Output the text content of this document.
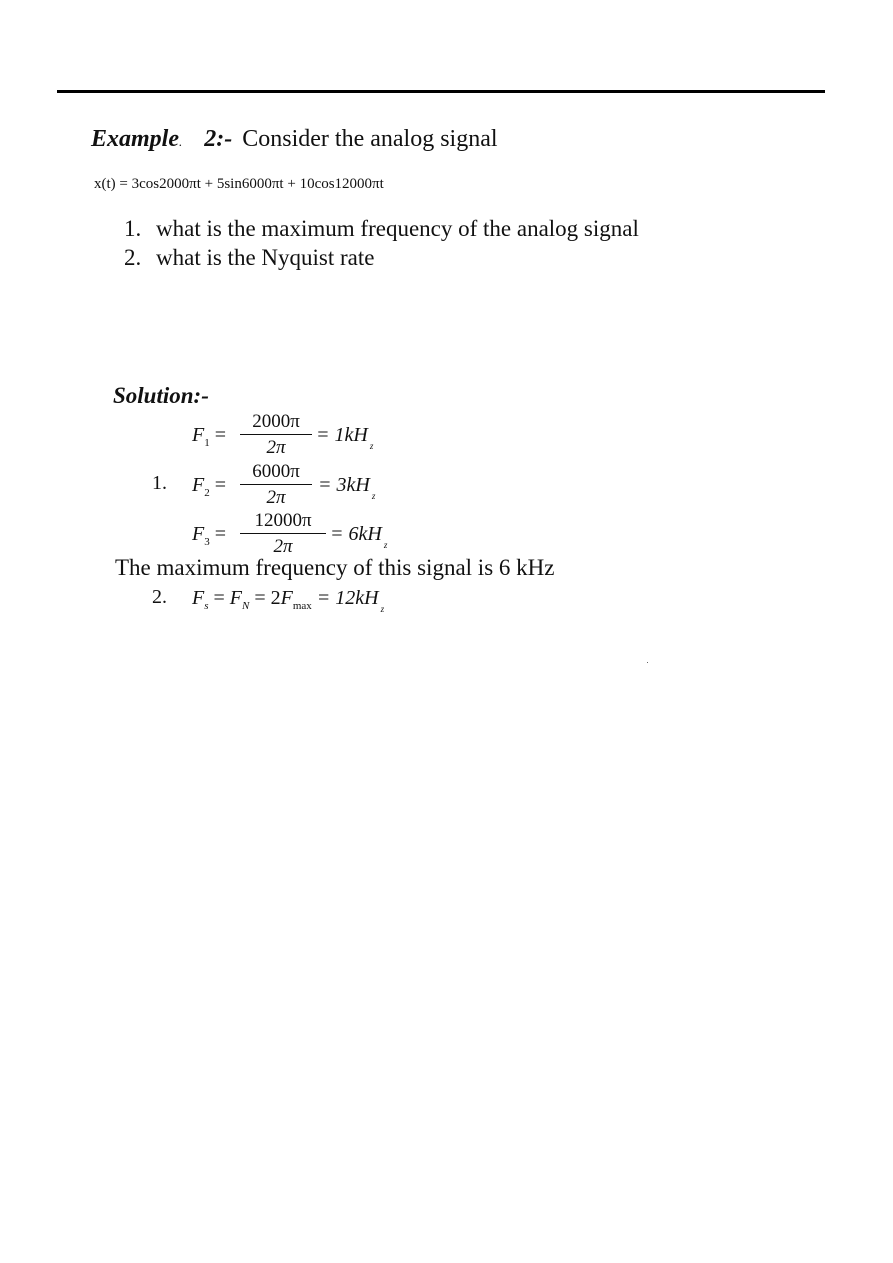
Example. 2:- Consider the analog signal
x(t) = 3cos2000πt + 5sin6000πt + 10cos12000πt
1. what is the maximum frequency of the analog signal
2. what is the Nyquist rate
Solution:-
$F_1$ =
2000π
2π
= 1kH $_z$
1. $F_2$ =
6000π
2π
= 3kH $_z$
$F_3$ =
12000π
2π
= 6kH $_z$
The maximum frequency of this signal is 6 kHz
2. $F_s = F_N = 2F_{max} = 12kH$ $_z$
